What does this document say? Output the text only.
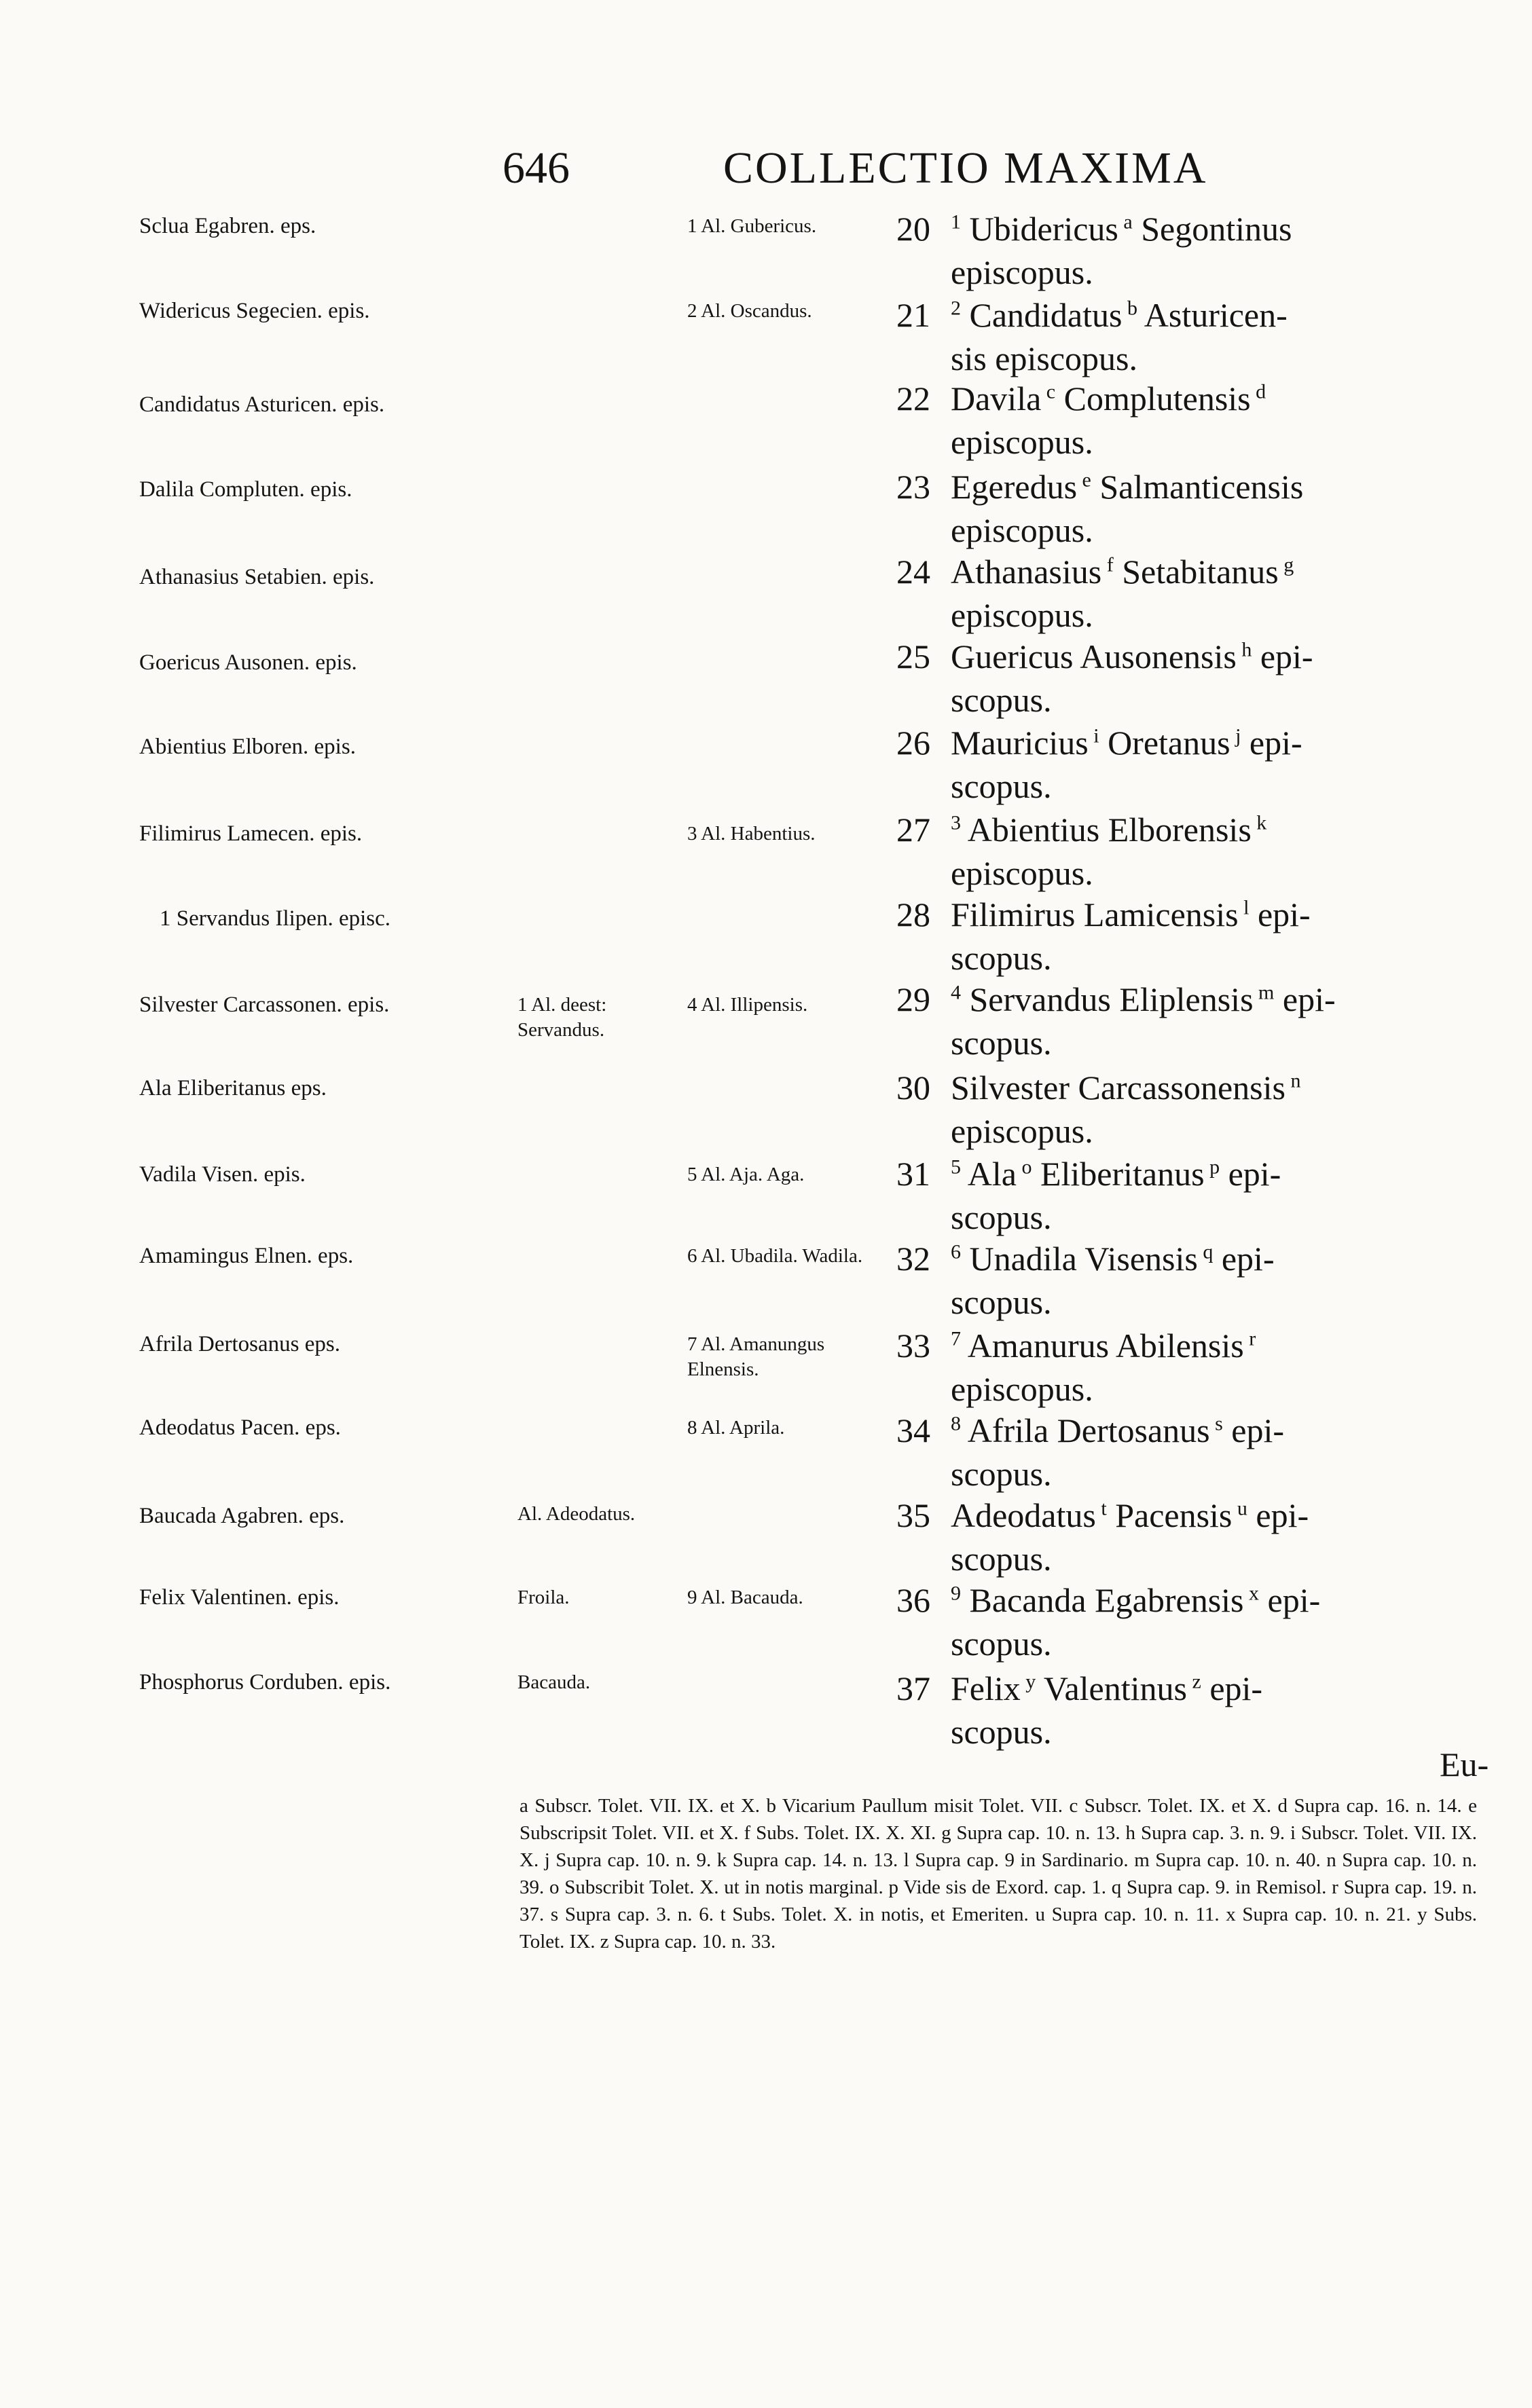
646	COLLECTIO MAXIMA
Sclua Egabren. eps.
Widericus Segecien. epis.
Candidatus Asturicen. epis.
Dalila Compluten. epis.
Athanasius Setabien. epis.
Goericus Ausonen. epis.
Abientius Elboren. epis.
Filimirus Lamecen. epis.
1 Servandus Ilipen. episc.
Silvester Carcassonen. epis.
Ala Eliberitanus eps.
Vadila Visen. epis.
Amamingus Elnen. eps.
Afrila Dertosanus eps.
Adeodatus Pacen. eps.
Baucada Agabren. eps.
Felix Valentinen. epis.
Phosphorus Corduben. epis.
1 Al. deest: Servandus.
Al. Adeodatus.
Froila.
Bacauda.
1 Al. Gubericus.
2 Al. Oscandus.
3 Al. Habentius.
4 Al. Illipensis.
5 Al. Aja. Aga.
6 Al. Ubadila. Wadila.
7 Al. Amanungus Elnensis.
8 Al. Aprila.
9 Al. Bacauda.
20 $^1$ Ubidericus $^a$ Segontinus
episcopus.
21 $^2$ Candidatus $^b$ Asturicen-
sis episcopus.
22 Davila $^c$ Complutensis $^d$
episcopus.
23 Egeredus $^e$ Salmanticensis
episcopus.
24 Athanasius $^f$ Setabitanus $^g$
episcopus.
25 Guericus Ausonensis $^h$ epi-
scopus.
26 Mauricius $^i$ Oretanus $^j$ epi-
scopus.
27 $^3$ Abientius Elborensis $^k$
episcopus.
28 Filimirus Lamicensis $^l$ epi-
scopus.
29 $^4$ Servandus Eliplensis $^m$ epi-
scopus.
30 Silvester Carcassonensis $^n$
episcopus.
31 $^5$ Ala $^o$ Eliberitanus $^p$ epi-
scopus.
32 $^6$ Unadila Visensis $^q$ epi-
scopus.
33 $^7$ Amanurus Abilensis $^r$
episcopus.
34 $^8$ Afrila Dertosanus $^s$ epi-
scopus.
35 Adeodatus $^t$ Pacensis $^u$ epi-
scopus.
36 $^9$ Bacanda Egabrensis $^x$ epi-
scopus.
37 Felix $^y$ Valentinus $^z$ epi-
scopus.
Eu-
a Subscr. Tolet. VII. IX. et X. b Vicarium Paullum misit Tolet. VII. c Subscr. Tolet. IX. et X. d Supra cap. 16. n. 14. e Subscripsit Tolet. VII. et X. f Subs. Tolet. IX. X. XI. g Supra cap. 10. n. 13. h Supra cap. 3. n. 9. i Subscr. Tolet. VII. IX. X. j Supra cap. 10. n. 9. k Supra cap. 14. n. 13. l Supra cap. 9 in Sardinario. m Supra cap. 10. n. 40. n Supra cap. 10. n. 39. o Subscribit Tolet. X. ut in notis marginal. p Vide sis de Exord. cap. 1. q Supra cap. 9. in Remisol. r Supra cap. 19. n. 37. s Supra cap. 3. n. 6. t Subs. Tolet. X. in notis, et Emeriten. u Supra cap. 10. n. 11. x Supra cap. 10. n. 21. y Subs. Tolet. IX. z Supra cap. 10. n. 33.
